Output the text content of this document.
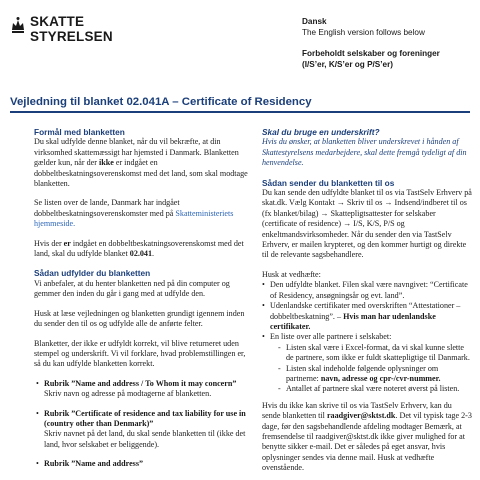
SKATTE
STYRELSEN
Dansk
The English version follows below
Forbeholdt selskaber og foreninger
(I/S’er, K/S’er og P/S’er)
Vejledning til blanket 02.041A – Certificate of Residency
Formål med blanketten

Du skal udfylde denne blanket, når du vil bekræfte, at din virksomhed skattemæssigt har hjemsted i Danmark. Blanketten gælder kun, når der ikke er indgået en dobbeltbeskatningsoverenskomst med det land, som skal modtage blanketten.

Se listen over de lande, Danmark har indgået dobbeltbeskatningsoverenskomster med på Skatteministeriets hjemmeside.

Hvis der er indgået en dobbeltbeskatningsoverenskomst med det land, skal du udfylde blanket 02.041.

Sådan udfylder du blanketten

Vi anbefaler, at du henter blanketten ned på din computer og gemmer den inden du går i gang med at udfylde den.

Husk at læse vejledningen og blanketten grundigt igennem inden du sender den til os og udfylde alle de anførte felter.

Blanketter, der ikke er udfyldt korrekt, vil blive returneret uden stempel og underskrift. Vi vil forklare, hvad problemstillingen er, så du kan udfylde blanketten korrekt.

• Rubrik ”Name and address / To Whom it may concern”
Skriv navn og adresse på modtagerne af blanketten.
• Rubrik ”Certificate of residence and tax liability for use in (country other than Denmark)”
Skriv navnet på det land, du skal sende blanketten til (ikke det land, hvor selskabet er beliggende).
• Rubrik ”Name and address”
Skal du bruge en underskrift?

Hvis du ønsker, at blanketten bliver underskrevet i hånden af Skattestyrelsens medarbejdere, skal dette fremgå tydeligt af din henvendelse.

Sådan sender du blanketten til os

Du kan sende den udfyldte blanket til os via TastSelv Erhverv på skat.dk. Vælg Kontakt → Skriv til os → Indsend/indberet til os (fx blanket/bilag) → Skattepligtsattester for selskaber (certificate of residence) → I/S, K/S, P/S og enkeltmandsvirksomheder. Når du sender den via TastSelv Erhverv, er mailen krypteret, og den kommer hurtigt og direkte til de relevante sagsbehandlere.

Husk at vedhæfte:
• Den udfyldte blanket. Filen skal være navngivet: “Certificate of Residency, ansøgningsår og evt. land”.
• Udenlandske certifikater med overskriften “Attestationer – dobbeltbeskatning”. – Hvis man har udenlandske certifikater.
• En liste over alle partnere i selskabet:
- Listen skal være i Excel-format, da vi skal kunne slette de partnere, som ikke er fuldt skattepligtige til Danmark.
- Listen skal indeholde følgende oplysninger om partnerne: navn, adresse og cpr-/cvr-nummer.
- Antallet af partnere skal være noteret øverst på listen.

Hvis du ikke kan skrive til os via TastSelv Erhverv, kan du sende blanketten til raadgiver@sktst.dk. Det vil typisk tage 2-3 dage, før den sagsbehandlende afdeling modtager Bemærk, at fremsendelse til raadgiver@sktst.dk ikke giver mulighed for at benytte sikker e-mail. Det er således på eget ansvar, hvis oplysninger sendes via denne mail. Husk at vedhæfte ovenstående.
